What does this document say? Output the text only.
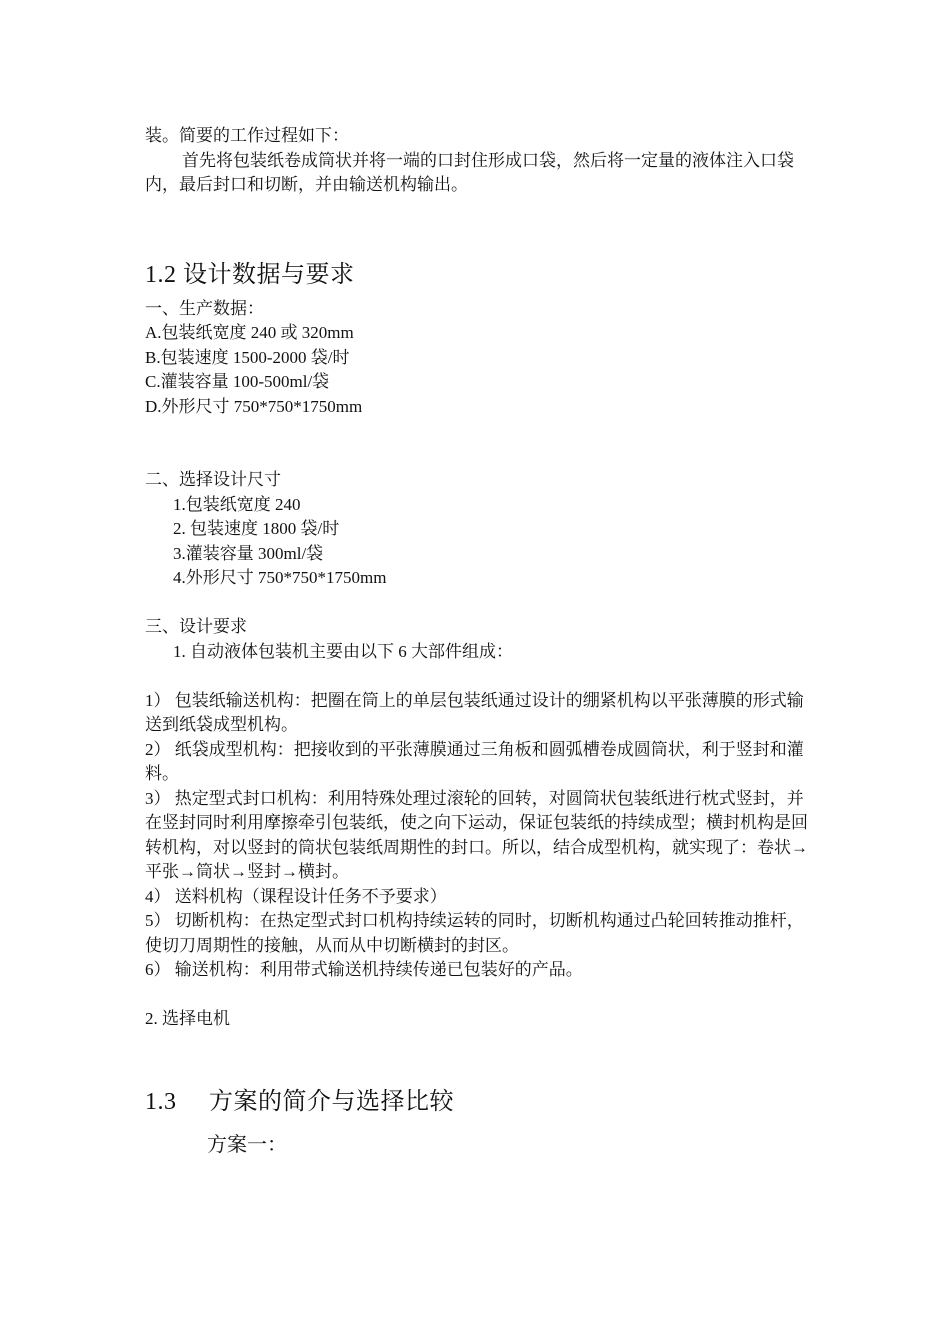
装。简要的工作过程如下：

首先将包装纸卷成筒状并将一端的口封住形成口袋，然后将一定量的液体注入口袋内，最后封口和切断，并由输送机构输出。

1.2 设计数据与要求

一、生产数据：

A.包装纸宽度 240 或 320mm

B.包装速度 1500-2000 袋/时

C.灌装容量 100-500ml/袋

D.外形尺寸 750*750*1750mm

二、选择设计尺寸

1.包装纸宽度 240

2. 包装速度 1800 袋/时

3.灌装容量 300ml/袋

4.外形尺寸 750*750*1750mm

三、设计要求

1. 自动液体包装机主要由以下 6 大部件组成：

1） 包装纸输送机构：把圈在筒上的单层包装纸通过设计的绷紧机构以平张薄膜的形式输送到纸袋成型机构。

2） 纸袋成型机构：把接收到的平张薄膜通过三角板和圆弧槽卷成圆筒状，利于竖封和灌料。

3） 热定型式封口机构：利用特殊处理过滚轮的回转，对圆筒状包装纸进行枕式竖封，并在竖封同时利用摩擦牵引包装纸，使之向下运动，保证包装纸的持续成型；横封机构是回转机构，对以竖封的筒状包装纸周期性的封口。所以，结合成型机构，就实现了：卷状→平张→筒状→竖封→横封。

4） 送料机构（课程设计任务不予要求）

5） 切断机构：在热定型式封口机构持续运转的同时，切断机构通过凸轮回转推动推杆，使切刀周期性的接触，从而从中切断横封的封区。

6） 输送机构：利用带式输送机持续传递已包装好的产品。

2. 选择电机

1.3	方案的简介与选择比较

方案一：
